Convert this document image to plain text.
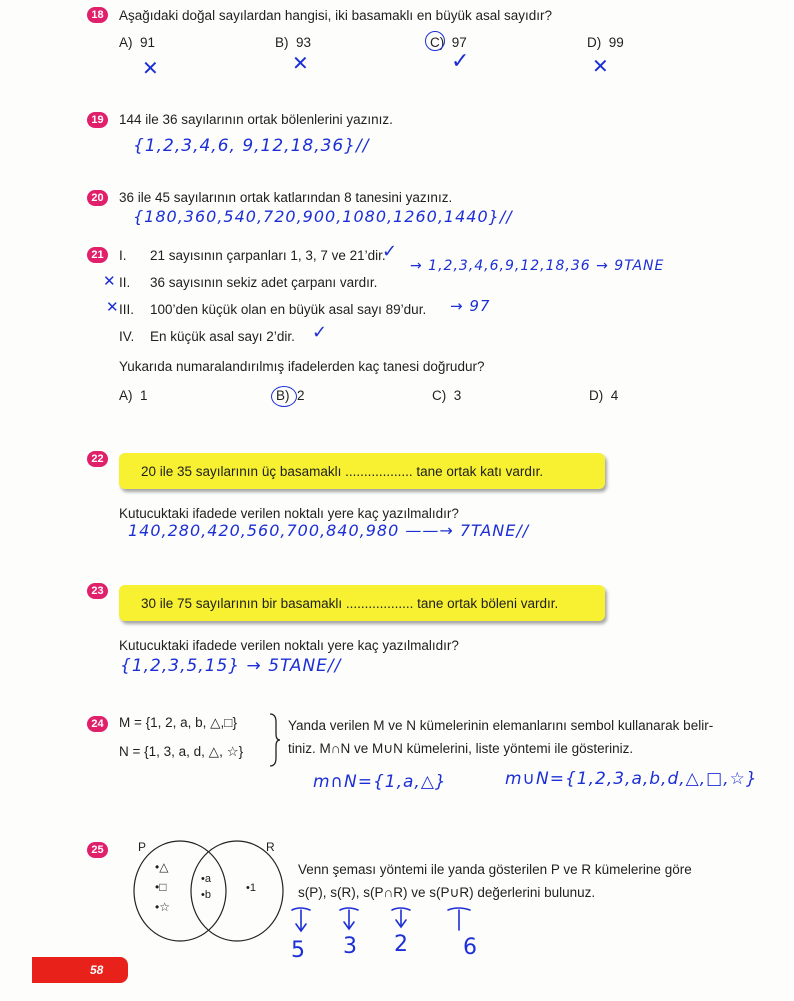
18	Aşağıdaki doğal sayılardan hangisi, iki basamaklı en büyük asal sayıdır?
A) 91	B) 93	C) 97	D) 99
✕	✕	✓	✕
19	144 ile 36 sayılarının ortak bölenlerini yazınız.
{1,2,3,4,6, 9,12,18,36}//
20	36 ile 45 sayılarının ortak katlarından 8 tanesini yazınız.
{180,360,540,720,900,1080,1260,1440}//
21	I. 21 sayısının çarpanları 1, 3, 7 ve 21’dir.
✓
✕ II. 36 sayısının sekiz adet çarpanı vardır.
→ 1,2,3,4,6,9,12,18,36 → 9TANE
✕ III. 100’den küçük olan en büyük asal sayı 89’dur. → 97
IV. En küçük asal sayı 2’dir. ✓
Yukarıda numaralandırılmış ifadelerden kaç tanesi doğrudur?
A) 1	B) 2	C) 3	D) 4
22
20 ile 35 sayılarının üç basamaklı .................. tane ortak katı vardır.
Kutucuktaki ifadede verilen noktalı yere kaç yazılmalıdır?
140,280,420,560,700,840,980 ——→ 7TANE//
23
30 ile 75 sayılarının bir basamaklı .................. tane ortak böleni vardır.
Kutucuktaki ifadede verilen noktalı yere kaç yazılmalıdır?
{1,2,3,5,15} → 5TANE//
24	M = {1, 2, a, b, △,□}
N = {1, 3, a, d, △, ☆}
Yanda verilen M ve N kümelerinin elemanlarını sembol kullanarak belir-
tiniz. M∩N ve M∪N kümelerini, liste yöntemi ile gösteriniz.
m∩N={1,a,△}	m∪N={1,2,3,a,b,d,△,□,☆}
25	P	R
•△
•□
•☆
•a
•b
•1
Venn şeması yöntemi ile yanda gösterilen P ve R kümelerine göre
s(P), s(R), s(P∩R) ve s(P∪R) değerlerini bulunuz.
5 3 2 6
58
